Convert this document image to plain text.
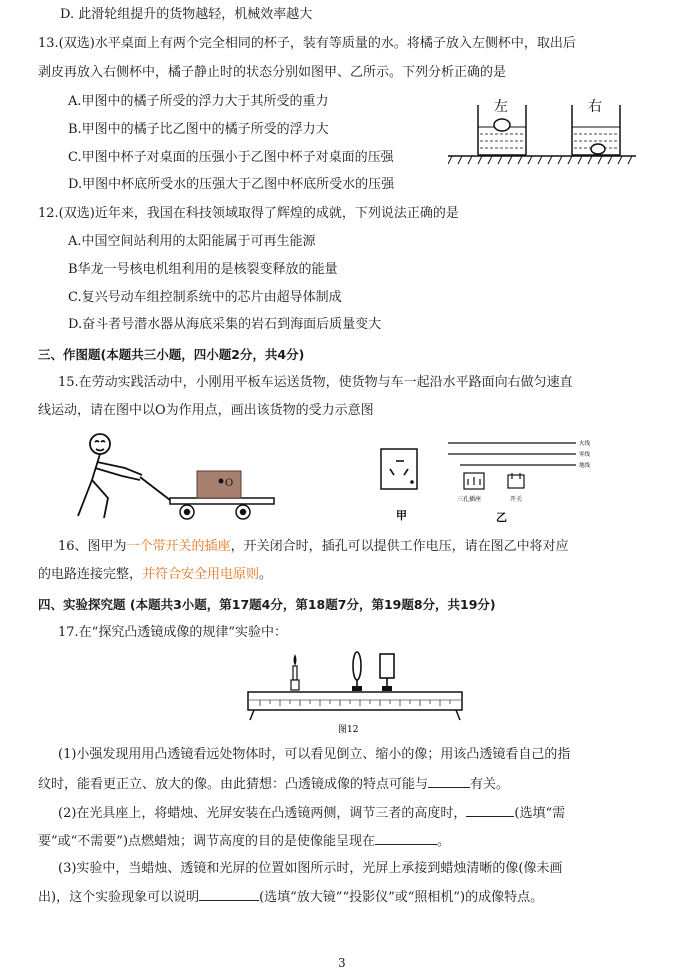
D. 此滑轮组提升的货物越轻，机械效率越大
13.(双选)水平桌面上有两个完全相同的杯子，装有等质量的水。将橘子放入左侧杯中，取出后
剥皮再放入右侧杯中，橘子静止时的状态分别如图甲、乙所示。下列分析正确的是
A.甲图中的橘子所受的浮力大于其所受的重力
B.甲图中的橘子比乙图中的橘子所受的浮力大
C.甲图中杯子对桌面的压强小于乙图中杯子对桌面的压强
D.甲图中杯底所受水的压强大于乙图中杯底所受水的压强
左	右
12.(双选)近年来，我国在科技领域取得了辉煌的成就，下列说法正确的是
A.中国空间站利用的太阳能属于可再生能源
B华龙一号核电机组利用的是核裂变释放的能量
C.复兴号动车组控制系统中的芯片由超导体制成
D.奋斗者号潜水器从海底采集的岩石到海面后质量变大
三、作图题(本题共三小题，四小题2分，共4分)
15.在劳动实践活动中，小刚用平板车运送货物，使货物与车一起沿水平路面向右做匀速直
线运动，请在图中以O为作用点，画出该货物的受力示意图
O
甲
火线
零线
地线
三孔插座	开关
乙
16、图甲为一个带开关的插座，开关闭合时，插孔可以提供工作电压，请在图乙中将对应
的电路连接完整，并符合安全用电原则。
四、实验探究题 (本题共3小题，第17题4分，第18题7分，第19题8分，共19分)
17.在“探究凸透镜成像的规律”实验中：
图12
(1)小强发现用用凸透镜看远处物体时，可以看见倒立、缩小的像；用该凸透镜看自己的指
纹时，能看更正立、放大的像。由此猜想：凸透镜成像的特点可能与	有关。
(2)在光具座上，将蜡烛、光屏安装在凸透镜两侧，调节三者的高度时，	(选填“需
要”或“不需要”)点燃蜡烛；调节高度的目的是使像能呈现在	。
(3)实验中，当蜡烛、透镜和光屏的位置如图所示时，光屏上承接到蜡烛清晰的像(像未画
出)，这个实验现象可以说明	(选填“放大镜”“投影仪”或“照相机”)的成像特点。
3
